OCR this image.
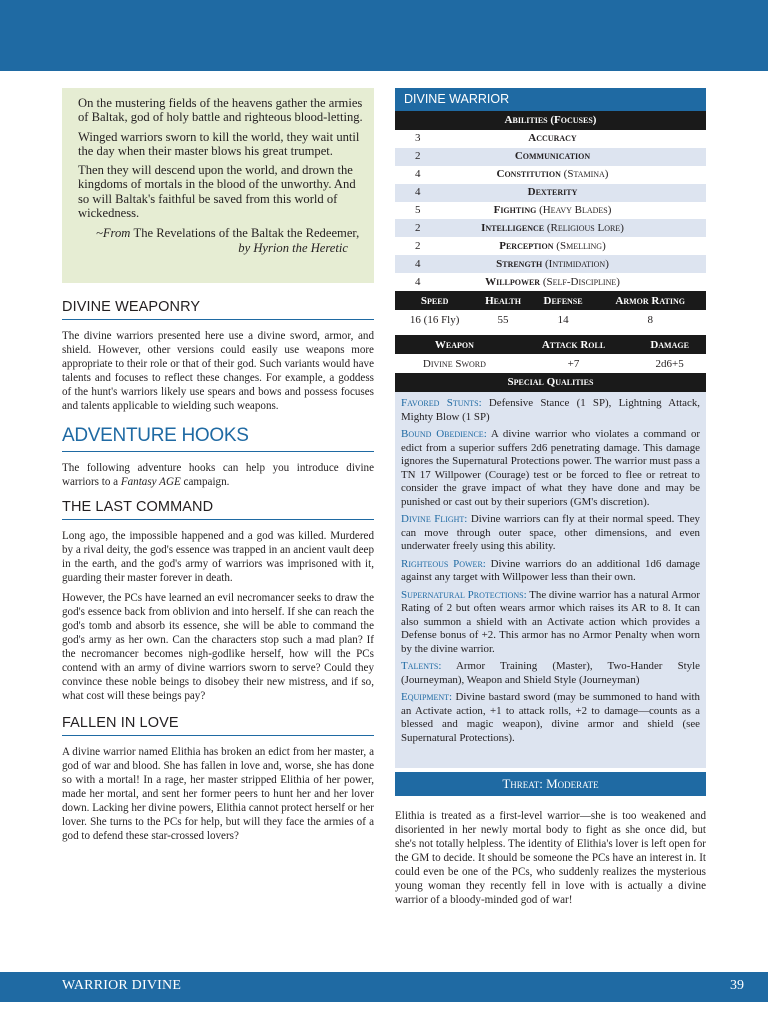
On the mustering fields of the heavens gather the armies of Baltak, god of holy battle and righteous blood-letting.

Winged warriors sworn to kill the world, they wait until the day when their master blows his great trumpet.

Then they will descend upon the world, and drown the kingdoms of mortals in the blood of the unworthy. And so will Baltak's faithful be saved from this world of wickedness.

~From The Revelations of the Baltak the Redeemer,
by Hyrion the Heretic
DIVINE WEAPONRY

The divine warriors presented here use a divine sword, armor, and shield. However, other versions could easily use weapons more appropriate to their role or that of their god. Such variants would have talents and focuses to reflect these changes. For example, a goddess of the hunt's warriors likely use spears and bows and possess focuses and talents applicable to wielding such weapons.

ADVENTURE HOOKS

The following adventure hooks can help you introduce divine warriors to a Fantasy AGE campaign.

THE LAST COMMAND

Long ago, the impossible happened and a god was killed. Murdered by a rival deity, the god's essence was trapped in an ancient vault deep in the earth, and the god's army of warriors was imprisoned with it, guarding their master forever in death.

However, the PCs have learned an evil necromancer seeks to draw the god's essence back from oblivion and into herself. If she can reach the god's tomb and absorb its essence, she will be able to command the god's army as her own. Can the characters stop such a mad plan? If the necromancer becomes nigh-godlike herself, how will the PCs contend with an army of divine warriors sworn to serve? Could they convince these noble beings to disobey their new mistress, and if so, what cost will these beings pay?

FALLEN IN LOVE

A divine warrior named Elithia has broken an edict from her master, a god of war and blood. She has fallen in love and, worse, she has done so with a mortal! In a rage, her master stripped Elithia of her power, made her mortal, and sent her former peers to hunt her and her lover down. Lacking her divine powers, Elithia cannot protect herself or her lover. She turns to the PCs for help, but will they face the armies of a god to defend these star-crossed lovers?

DIVINE WARRIOR
Abilities (Focuses)
3	Accuracy
2	Communication
4	Constitution (Stamina)
4	Dexterity
5	Fighting (Heavy Blades)
2	Intelligence (Religious Lore)
2	Perception (Smelling)
4	Strength (Intimidation)
4	Willpower (Self-Discipline)
Speed	Health	Defense	Armor Rating
16 (16 Fly)	55	14	8
Weapon	Attack Roll	Damage
Divine Sword	+7	2d6+5
Special Qualities

Favored Stunts: Defensive Stance (1 SP), Lightning Attack, Mighty Blow (1 SP)

Bound Obedience: A divine warrior who violates a command or edict from a superior suffers 2d6 penetrating damage. This damage ignores the Supernatural Protections power. The warrior must pass a TN 17 Willpower (Courage) test or be forced to flee or retreat to consider the grave impact of what they have done and may be punished or cast out by their superiors (GM's discretion).

Divine Flight: Divine warriors can fly at their normal speed. They can move through outer space, other dimensions, and even underwater freely using this ability.

Righteous Power: Divine warriors do an additional 1d6 damage against any target with Willpower less than their own.

Supernatural Protections: The divine warrior has a natural Armor Rating of 2 but often wears armor which raises its AR to 8. It can also summon a shield with an Activate action which provides a Defense bonus of +2. This armor has no Armor Penalty when worn by the divine warrior.

Talents: Armor Training (Master), Two-Hander Style (Journeyman), Weapon and Shield Style (Journeyman)

Equipment: Divine bastard sword (may be summoned to hand with an Activate action, +1 to attack rolls, +2 to damage—counts as a blessed and magic weapon), divine armor and shield (see Supernatural Protections).

Threat: Moderate

Elithia is treated as a first-level warrior—she is too weakened and disoriented in her newly mortal body to fight as she once did, but she's not totally helpless. The identity of Elithia's lover is left open for the GM to decide. It should be someone the PCs have an interest in. It could even be one of the PCs, who suddenly realizes the mysterious young woman they recently fell in love with is actually a divine warrior of a bloody-minded god of war!

WARRIOR DIVINE	39
